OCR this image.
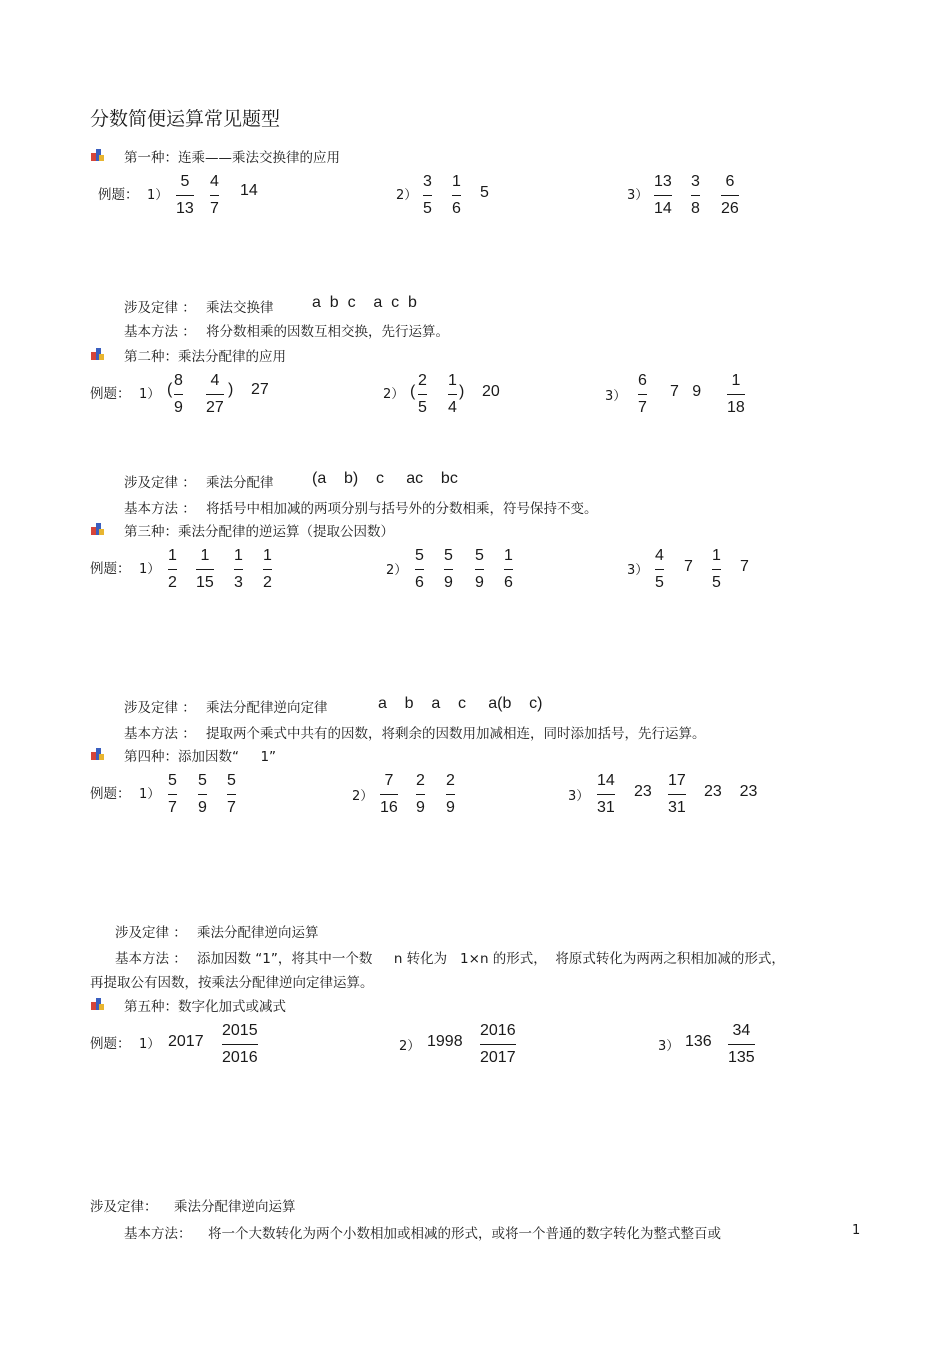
分数简便运算常见题型
第一种：连乘——乘法交换律的应用
例题： 1）
5
13
4
7
14	2）
3
5
1
6
5	3）
13
14
3
8
6
26
涉及定律 ： 乘法交换律 a  b  c    a  c  b
基本方法 ： 将分数相乘的因数互相交换，先行运算。
第二种：乘法分配律的应用
例题： 1） (
8
9
4
27
) 27	2） (
2
5
1
4
) 20	3）
6
7
7   9
1
18
涉及定律 ： 乘法分配律 (a    b)    c     ac    bc
基本方法 ： 将括号中相加减的两项分别与括号外的分数相乘，符号保持不变。
第三种：乘法分配律的逆运算（提取公因数）
例题： 1）
1
2
1
15
1
3
1
2
2）
5
6
5
9
5
9
1
6
3）
4
5
7
1
5
7
涉及定律 ： 乘法分配律逆向定律	a    b    a    c     a(b    c)
基本方法 ： 提取两个乘式中共有的因数，将剩余的因数用加减相连，同时添加括号，先行运算。
第四种：添加因数“     1”
例题： 1）
5
7
5
9
5
7
2）
7
16
2
9
2
9
3）
14
31
23
17
31
23    23
涉及定律 ： 乘法分配律逆向运算
基本方法 ： 添加因数 “1”，将其中一个数     n 转化为   1×n 的形式，  将原式转化为两两之积相加减的形式，
再提取公有因数，按乘法分配律逆向定律运算。
第五种：数字化加式或减式
例题： 1） 2017
2015
2016
2） 1998
2016
2017
3） 136
34
135
涉及定律： 乘法分配律逆向运算
基本方法： 将一个大数转化为两个小数相加或相减的形式，或将一个普通的数字转化为整式整百或	1
